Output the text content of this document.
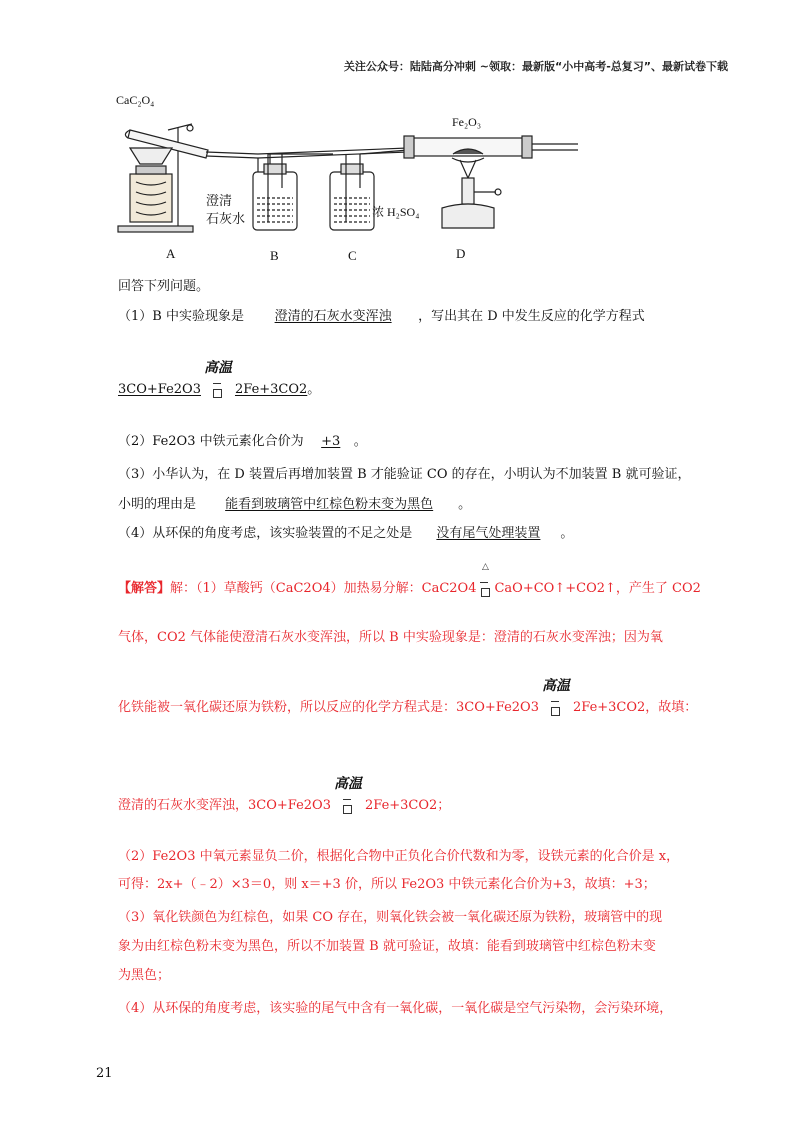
关注公众号：陆陆高分冲刺 ~领取：最新版“小中高考-总复习”、最新试卷下载
CaC₂O₄
Fe₂O₃
澄清
石灰水	浓 H₂SO₄
A	B	C	D
回答下列问题。
（1）B 中实验现象是 澄清的石灰水变浑浊 ，写出其在 D 中发生反应的化学方程式
3CO+Fe2O3
高温
2Fe+3CO2。
（2）Fe2O3 中铁元素化合价为 +3 。
（3）小华认为，在 D 装置后再增加装置 B 才能验证 CO 的存在，小明认为不加装置 B 就可验证，
小明的理由是 能看到玻璃管中红棕色粉末变为黑色 。
（4）从环保的角度考虑，该实验装置的不足之处是 没有尾气处理装置 。
【解答】解：（1）草酸钙（CaC2O4）加热易分解：CaC2O4
△
CaO+CO↑+CO2↑，产生了 CO2
气体，CO2 气体能使澄清石灰水变浑浊，所以 B 中实验现象是：澄清的石灰水变浑浊；因为氧
化铁能被一氧化碳还原为铁粉，所以反应的化学方程式是：3CO+Fe2O3
高温
2Fe+3CO2，故填：
澄清的石灰水变浑浊，3CO+Fe2O3
高温
2Fe+3CO2；
（2）Fe2O3 中氧元素显负二价，根据化合物中正负化合价代数和为零，设铁元素的化合价是 x，
可得：2x+（﹣2）×3＝0，则 x＝+3 价，所以 Fe2O3 中铁元素化合价为+3，故填：+3；
（3）氧化铁颜色为红棕色，如果 CO 存在，则氧化铁会被一氧化碳还原为铁粉，玻璃管中的现
象为由红棕色粉末变为黑色，所以不加装置 B 就可验证，故填：能看到玻璃管中红棕色粉末变
为黑色；
（4）从环保的角度考虑，该实验的尾气中含有一氧化碳，一氧化碳是空气污染物，会污染环境，
21
